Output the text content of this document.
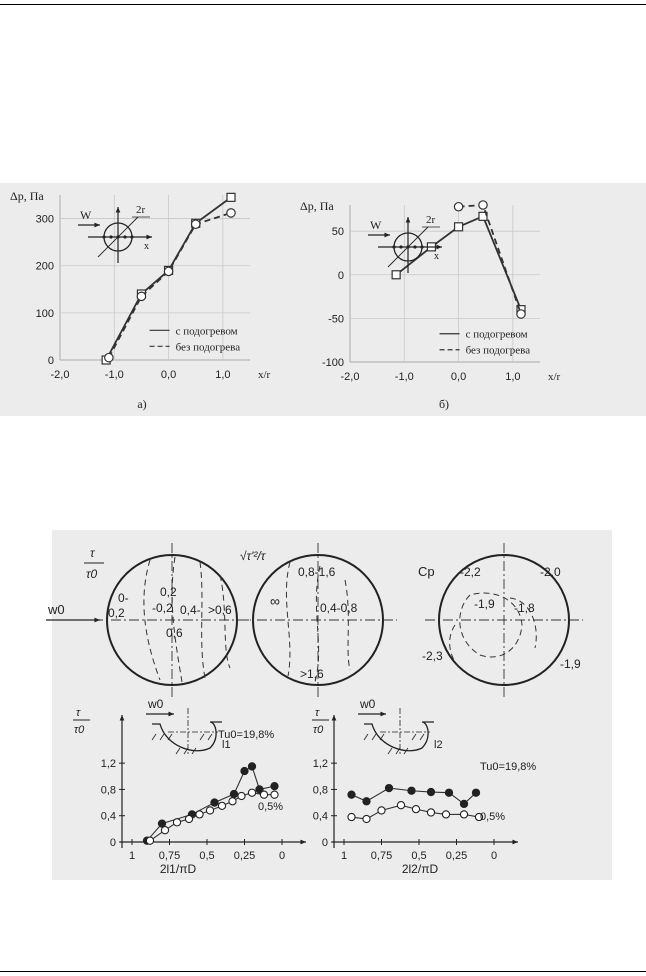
0
100
200
300
-2,0	-1,0	0,0	1,0
Δp, Па
x/r
а)
с подогревом
без подогрева
W	2r
x
-100
-50
0
50
-2,0	-1,0	0,0	1,0
Δp, Па
x/r
б)
с подогревом
без подогрева
W	2r
x
τ
τ0
w0
0,2
0-
0,2 -0,2 0,4- >0,6
0,6
√τ'²/τ
0,8-1,6
∞	0,4-0,8
>1,6
Cp -2,2	-2,0
-1,9 -1,8
-2,3
-1,9
0
0,4
0,8
1,2
1 0,75 0,5 0,25 0
τ
τ0
2l1/πD
Tu0=19,8%
0,5%
w0
l1
0
0,4
0,8
1,2
1 0,75 0,5 0,25 0
τ
τ0
2l2/πD
Tu0=19,8%
0,5%
w0
l2
